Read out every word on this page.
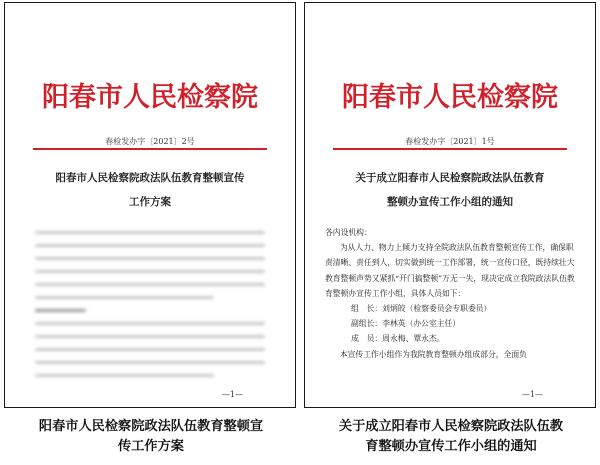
阳春市人民检察院
春检发办字〔2021〕2号
阳春市人民检察院政法队伍教育整顿宣传
工作方案
—1—
阳春市人民检察院
春检发办字〔2021〕1号
关于成立阳春市人民检察院政法队伍教育
整顿办宣传工作小组的通知

各内设机构：

为从人力、物力上倾力支持全院政法队伍教育整顿宣传工作，确保职责清晰、责任到人，切实做到统一工作部署，统一宣传口径，既持续壮大教育整顿声势又紧抓“开门搞整顿”万无一失，现决定成立我院政法队伍教育整顿办宣传工作小组，具体人员如下：

组　长：刘炳皎（检察委员会专职委员）

副组长：李林英（办公室主任）

成　员：周永梅、覃永杰。

本宣传工作小组作为我院教育整顿办组成部分，全面负

—1—
阳春市人民检察院政法队伍教育整顿宣
传工作方案
关于成立阳春市人民检察院政法队伍教
育整顿办宣传工作小组的通知
